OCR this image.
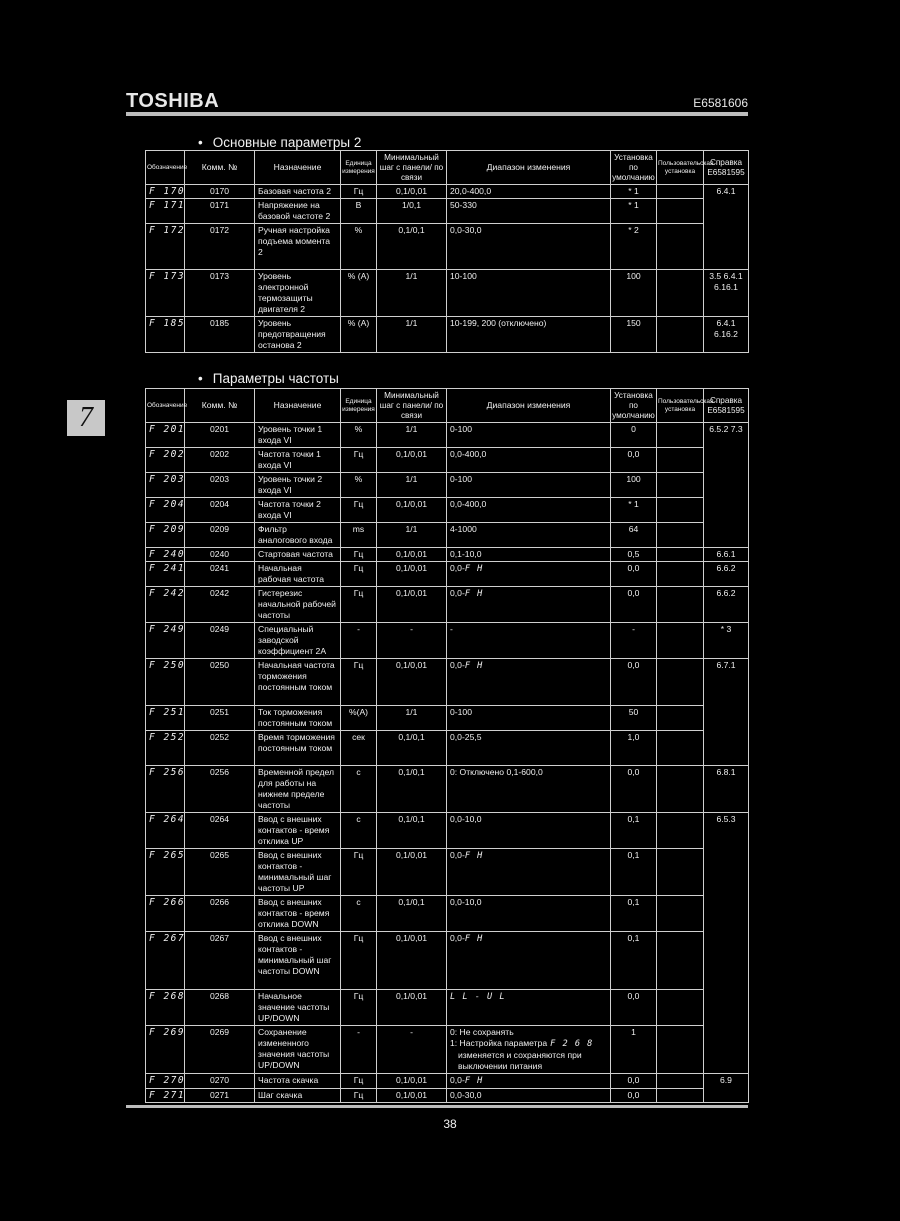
TOSHIBA	E6581606
7
• Основные параметры 2
Обозначение	Комм. №	Назначение	Единица измерения	Минимальный шаг с панели/ по связи	Диапазон изменения	Установка по умолчанию	Пользовательская установка	Справка E6581595
F 170	0170	Базовая частота 2	Гц	0,1/0,01	20,0-400,0	* 1		6.4.1
F 171	0171	Напряжение на базовой частоте 2	В	1/0,1	50-330	* 1		
F 172	0172	Ручная настройка подъема момента 2	%	0,1/0,1	0,0-30,0	* 2		
F 173	0173	Уровень электронной термозащиты двигателя 2	% (A)	1/1	10-100	100		3.5 6.4.1 6.16.1
F 185	0185	Уровень предотвращения останова 2	% (A)	1/1	10-199, 200 (отключено)	150		6.4.1 6.16.2
• Параметры частоты
Обозначение	Комм. №	Назначение	Единица измерения	Минимальный шаг с панели/ по связи	Диапазон изменения	Установка по умолчанию	Пользовательская установка	Справка E6581595
F 201	0201	Уровень точки 1 входа VI	%	1/1	0-100	0		6.5.2 7.3
F 202	0202	Частота точки 1 входа VI	Гц	0,1/0,01	0,0-400,0	0,0		
F 203	0203	Уровень точки 2 входа VI	%	1/1	0-100	100		
F 204	0204	Частота точки 2 входа VI	Гц	0,1/0,01	0,0-400,0	* 1		
F 209	0209	Фильтр аналогового входа	ms	1/1	4-1000	64		
F 240	0240	Стартовая частота	Гц	0,1/0,01	0,1-10,0	0,5		6.6.1
F 241	0241	Начальная рабочая частота	Гц	0,1/0,01	0,0-F H	0,0		6.6.2
F 242	0242	Гистерезис начальной рабочей частоты	Гц	0,1/0,01	0,0-F H	0,0		6.6.2
F 249	0249	Специальный заводской коэффициент 2А	-	-	-	-		* 3
F 250	0250	Начальная частота торможения постоянным током	Гц	0,1/0,01	0,0-F H	0,0		6.7.1
F 251	0251	Ток торможения постоянным током	%(A)	1/1	0-100	50		
F 252	0252	Время торможения постоянным током	сек	0,1/0,1	0,0-25,5	1,0		
F 256	0256	Временной предел для работы на нижнем пределе частоты	с	0,1/0,1	0: Отключено 0,1-600,0	0,0		6.8.1
F 264	0264	Ввод с внешних контактов - время отклика UP	с	0,1/0,1	0,0-10,0	0,1		6.5.3
F 265	0265	Ввод с внешних контактов - минимальный шаг частоты UP	Гц	0,1/0,01	0,0-F H	0,1		
F 266	0266	Ввод с внешних контактов - время отклика DOWN	с	0,1/0,1	0,0-10,0	0,1		
F 267	0267	Ввод с внешних контактов - минимальный шаг частоты DOWN	Гц	0,1/0,01	0,0-F H	0,1		
F 268	0268	Начальное значение частоты UP/DOWN	Гц	0,1/0,01	L L - U L	0,0		
F 269	0269	Сохранение измененного значения частоты UP/DOWN	-	-	0: Не сохранять
1: Настройка параметра F 2 6 8
изменяется и сохраняются при выключении питания	1		
F 270	0270	Частота скачка	Гц	0,1/0,01	0,0-F H	0,0		6.9
F 271	0271	Шаг скачка	Гц	0,1/0,01	0,0-30,0	0,0		
38
